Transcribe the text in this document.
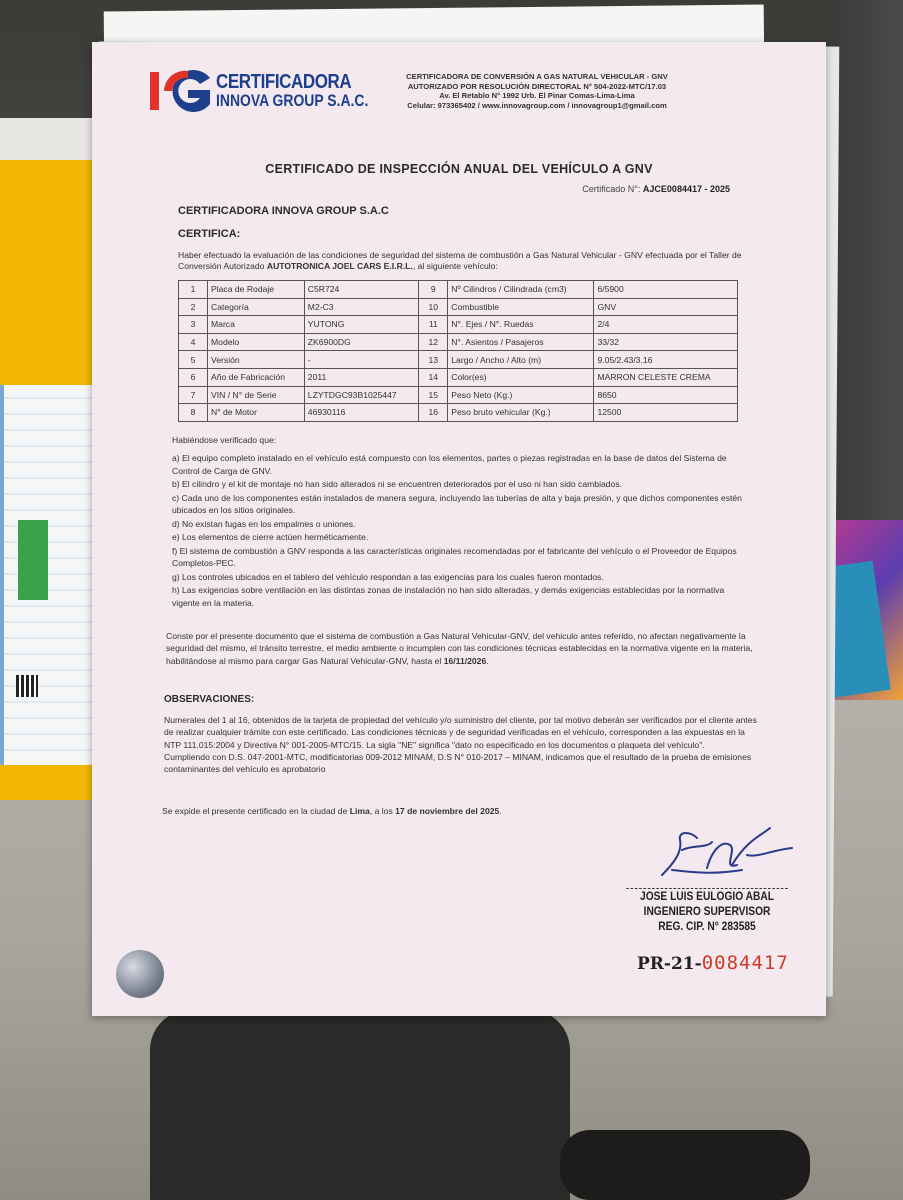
CERTIFICADORA
INNOVA GROUP S.A.C.
CERTIFICADORA DE CONVERSIÓN A GAS NATURAL VEHICULAR - GNV
AUTORIZADO POR RESOLUCIÓN DIRECTORAL N° 504-2022-MTC/17.03
Av. El Retablo N° 1992 Urb. El Pinar Comas-Lima-Lima
Celular: 973365402 / www.innovagroup.com / innovagroup1@gmail.com
CERTIFICADO DE INSPECCIÓN ANUAL DEL VEHÍCULO A GNV
Certificado N°: AJCE0084417 - 2025
CERTIFICADORA INNOVA GROUP S.A.C
CERTIFICA:
Haber efectuado la evaluación de las condiciones de seguridad del sistema de combustión a Gas Natural Vehicular - GNV efectuada por el Taller de Conversión Autorizado AUTOTRONICA JOEL CARS E.I.R.L., al siguiente vehículo:
1	Placa de Rodaje	C5R724	9	Nº Cilindros / Cilindrada (cm3)	6/5900
2	Categoría	M2-C3	10	Combustible	GNV
3	Marca	YUTONG	11	N°. Ejes / N°. Ruedas	2/4
4	Modelo	ZK6900DG	12	N°. Asientos / Pasajeros	33/32
5	Versión	-	13	Largo / Ancho / Alto (m)	9.05/2.43/3.16
6	Año de Fabricación	2011	14	Color(es)	MARRON CELESTE CREMA
7	VIN / N° de Serie	LZYTDGC93B1025447	15	Peso Neto (Kg.)	8650
8	N° de Motor	46930116	16	Peso bruto vehicular (Kg.)	12500

Habiéndose verificado que:

a) El equipo completo instalado en el vehículo está compuesto con los elementos, partes o piezas registradas en la base de datos del Sistema de Control de Carga de GNV.

b) El cilindro y el kit de montaje no han sido alterados ni se encuentren deteriorados por el uso ni han sido cambiados.

c) Cada uno de los componentes están instalados de manera segura, incluyendo las tuberías de alta y baja presión, y que dichos componentes estén ubicados en los sitios originales.

d) No existan fugas en los empalmes o uniones.

e) Los elementos de cierre actúen herméticamente.

f) El sistema de combustión a GNV responda a las características originales recomendadas por el fabricante del vehículo o el Proveedor de Equipos Completos-PEC.

g) Los controles ubicados en el tablero del vehículo respondan a las exigencias para los cuales fueron montados.

h) Las exigencias sobre ventilación en las distintas zonas de instalación no han sido alteradas, y demás exigencias establecidas por la normativa vigente en la materia.

Conste por el presente documento que el sistema de combustión a Gas Natural Vehicular-GNV, del vehiculo antes referido, no afectan negativamente la seguridad del mismo, el tránsito terrestre, el medio ambiente o incumplen con las condiciones técnicas establecidas en la normativa vigente en la materia, habilitándose al mismo para cargar Gas Natural Vehicular-GNV, hasta el 16/11/2026.
OBSERVACIONES:
Numerales del 1 al 16, obtenidos de la tarjeta de propiedad del vehículo y/o suministro del cliente, por tal motivo deberán ser verificados por el cliente antes de realizar cualquier trámite con este certificado. Las condiciones técnicas y de seguridad verificadas en el vehículo, corresponden a las expuestas en la NTP 111.015:2004 y Directiva N° 001-2005-MTC/15. La sigla "NE" significa "dato no especificado en los documentos o plaqueta del vehículo".
Cumpliendo con D.S. 047-2001-MTC, modificatorias 009-2012 MINAM, D.S N° 010-2017 – MINAM, indicamos que el resultado de la prueba de emisiones contaminantes del vehículo es aprobatorio
Se expide el presente certificado en la ciudad de Lima, a los 17 de noviembre del 2025.
JOSE LUIS EULOGIO ABAL
INGENIERO SUPERVISOR
REG. CIP. N° 283585
PR-21-0084417
